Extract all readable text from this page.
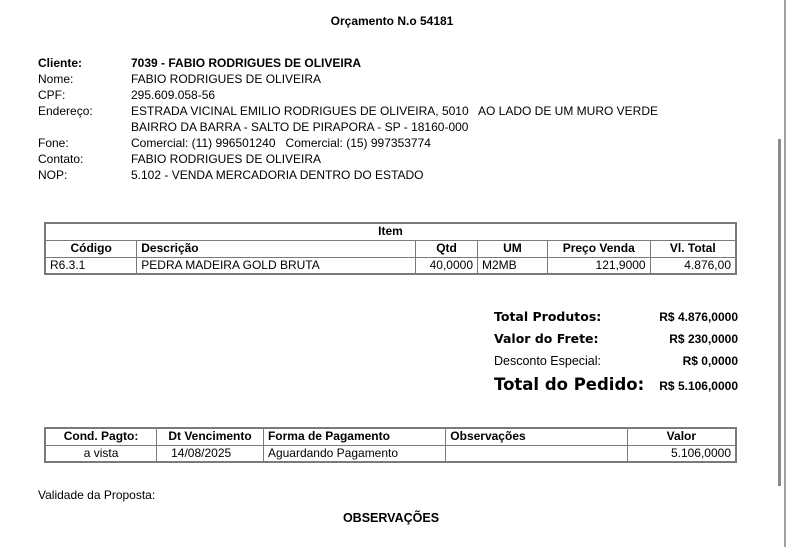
Orçamento N.o 54181
Cliente:	7039 - FABIO RODRIGUES DE OLIVEIRA
Nome:	FABIO RODRIGUES DE OLIVEIRA
CPF:	295.609.058-56
Endereço:	ESTRADA VICINAL EMILIO RODRIGUES DE OLIVEIRA, 5010   AO LADO DE UM MURO VERDE
BAIRRO DA BARRA - SALTO DE PIRAPORA - SP - 18160-000
Fone:	Comercial: (11) 996501240   Comercial: (15) 997353774
Contato:	FABIO RODRIGUES DE OLIVEIRA
NOP:	5.102 - VENDA MERCADORIA DENTRO DO ESTADO
Item					
Código	Descrição	Qtd	UM	Preço Venda	Vl. Total
R6.3.1	PEDRA MADEIRA GOLD BRUTA	40,0000	M2MB	121,9000	4.876,00
Total Produtos:	R$ 4.876,0000
Valor do Frete:	R$ 230,0000
Desconto Especial:	R$ 0,0000
Total do Pedido: R$ 5.106,0000
Cond. Pagto:	Dt Vencimento	Forma de Pagamento	Observações	Valor
a vista	14/08/2025	Aguardando Pagamento		5.106,0000
Validade da Proposta:
OBSERVAÇÕES
